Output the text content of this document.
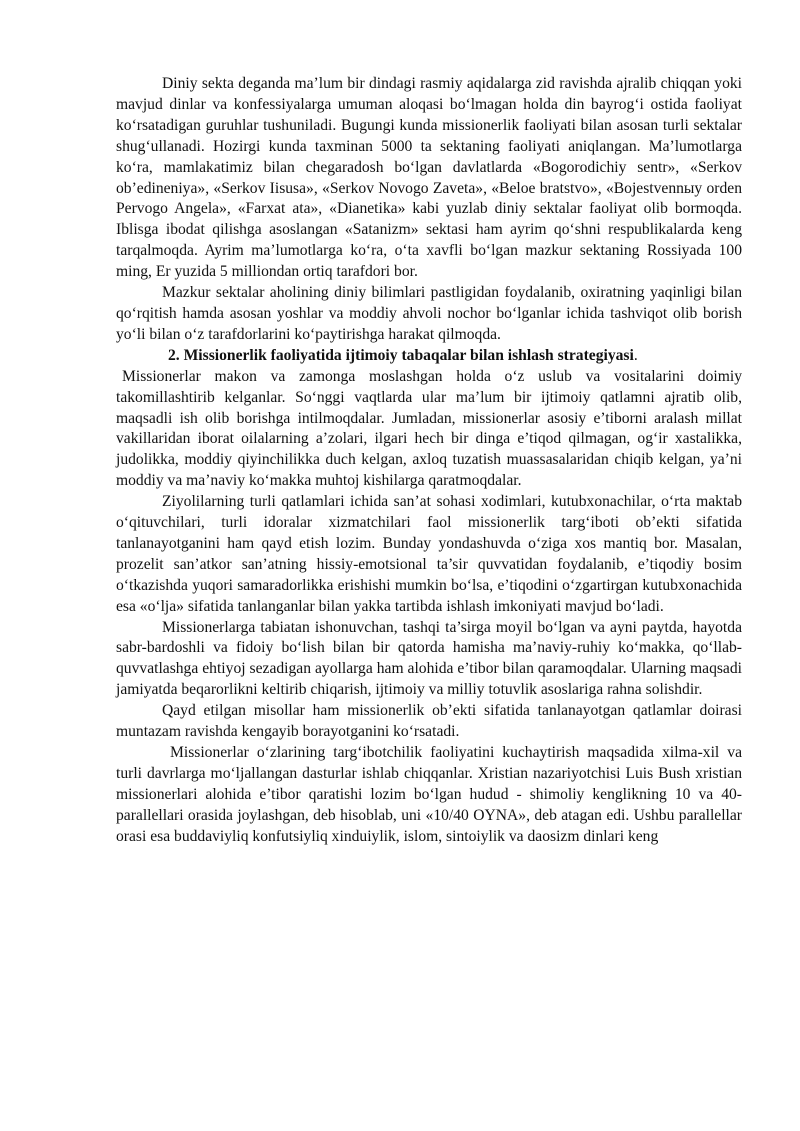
Diniy sekta deganda ma’lum bir dindagi rasmiy aqidalarga zid ravishda ajralib chiqqan yoki mavjud dinlar va konfessiyalarga umuman aloqasi bo‘lmagan holda din bayrog‘i ostida faoliyat ko‘rsatadigan guruhlar tushuniladi. Bugungi kunda missionerlik faoliyati bilan asosan turli sektalar shug‘ullanadi. Hozirgi kunda taxminan 5000 ta sektaning faoliyati aniqlangan. Ma’lumotlarga ko‘ra, mamlakatimiz bilan chegaradosh bo‘lgan davlatlarda «Bogorodichiy sentr», «Serkov ob’edineniya», «Serkov Iisusa», «Serkov Novogo Zaveta», «Beloe bratstvo», «Bojestvennыy orden Pervogo Angela», «Farxat ata», «Dianetika» kabi yuzlab diniy sektalar faoliyat olib bormoqda. Iblisga ibodat qilishga asoslangan «Satanizm» sektasi ham ayrim qo‘shni respublikalarda keng tarqalmoqda. Ayrim ma’lumotlarga ko‘ra, o‘ta xavfli bo‘lgan mazkur sektaning Rossiyada 100 ming, Er yuzida 5 milliondan ortiq tarafdori bor.

Mazkur sektalar aholining diniy bilimlari pastligidan foydalanib, oxiratning yaqinligi bilan qo‘rqitish hamda asosan yoshlar va moddiy ahvoli nochor bo‘lganlar ichida tashviqot olib borish yo‘li bilan o‘z tarafdorlarini ko‘paytirishga harakat qilmoqda.

2. Missionerlik faoliyatida ijtimoiy tabaqalar bilan ishlash strategiyasi.

Missionerlar makon va zamonga moslashgan holda o‘z uslub va vositalarini doimiy takomillashtirib kelganlar. So‘nggi vaqtlarda ular ma’lum bir ijtimoiy qatlamni ajratib olib, maqsadli ish olib borishga intilmoqdalar. Jumladan, missionerlar asosiy e’tiborni aralash millat vakillaridan iborat oilalarning a’zolari, ilgari hech bir dinga e’tiqod qilmagan, og‘ir xastalikka, judolikka, moddiy qiyinchilikka duch kelgan, axloq tuzatish muassasalaridan chiqib kelgan, ya’ni moddiy va ma’naviy ko‘makka muhtoj kishilarga qaratmoqdalar.

Ziyolilarning turli qatlamlari ichida san’at sohasi xodimlari, kutubxonachilar, o‘rta maktab o‘qituvchilari, turli idoralar xizmatchilari faol missionerlik targ‘iboti ob’ekti sifatida tanlanayotganini ham qayd etish lozim. Bunday yondashuvda o‘ziga xos mantiq bor. Masalan, prozelit san’atkor san’atning hissiy-emotsional ta’sir quvvatidan foydalanib, e’tiqodiy bosim o‘tkazishda yuqori samaradorlikka erishishi mumkin bo‘lsa, e’tiqodini o‘zgartirgan kutubxonachida esa «o‘lja» sifatida tanlanganlar bilan yakka tartibda ishlash imkoniyati mavjud bo‘ladi.

Missionerlarga tabiatan ishonuvchan, tashqi ta’sirga moyil bo‘lgan va ayni paytda, hayotda sabr-bardoshli va fidoiy bo‘lish bilan bir qatorda hamisha ma’naviy-ruhiy ko‘makka, qo‘llab-quvvatlashga ehtiyoj sezadigan ayollarga ham alohida e’tibor bilan qaramoqdalar. Ularning maqsadi jamiyatda beqarorlikni keltirib chiqarish, ijtimoiy va milliy totuvlik asoslariga rahna solishdir.

Qayd etilgan misollar ham missionerlik ob’ekti sifatida tanlanayotgan qatlamlar doirasi muntazam ravishda kengayib borayotganini ko‘rsatadi.

Missionerlar o‘zlarining targ‘ibotchilik faoliyatini kuchaytirish maqsadida xilma-xil va turli davrlarga mo‘ljallangan dasturlar ishlab chiqqanlar. Xristian nazariyotchisi Luis Bush xristian missionerlari alohida e’tibor qaratishi lozim bo‘lgan hudud - shimoliy kenglikning 10 va 40-parallellari orasida joylashgan, deb hisoblab, uni «10/40 OYNA», deb atagan edi. Ushbu parallellar orasi esa buddaviyliq konfutsiyliq xinduiylik, islom, sintoiylik va daosizm dinlari keng
